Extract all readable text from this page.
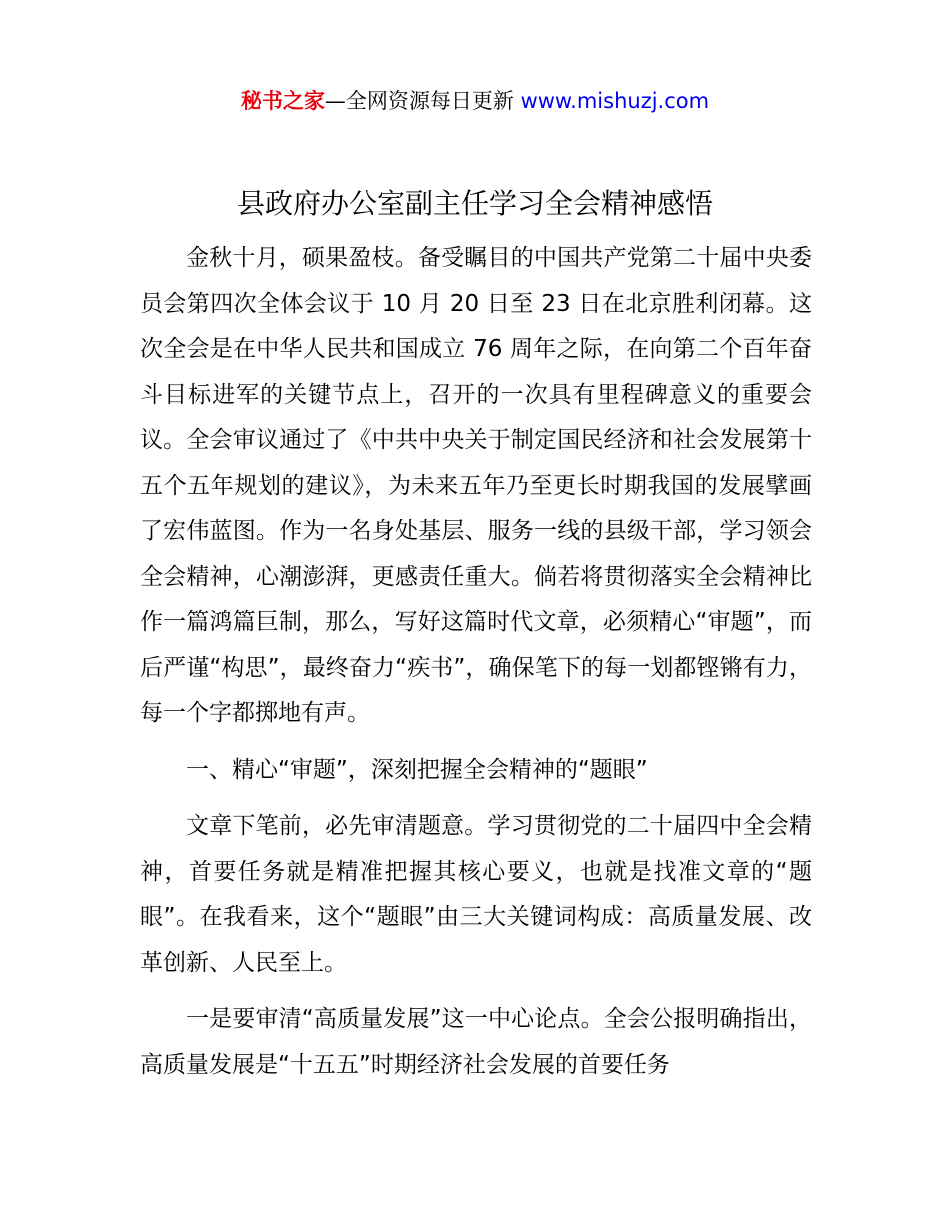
秘书之家—全网资源每日更新 www.mishuzj.com
县政府办公室副主任学习全会精神感悟

金秋十月，硕果盈枝。备受瞩目的中国共产党第二十届中央委员会第四次全体会议于 10 月 20 日至 23 日在北京胜利闭幕。这次全会是在中华人民共和国成立 76 周年之际，在向第二个百年奋斗目标进军的关键节点上，召开的一次具有里程碑意义的重要会议。全会审议通过了《中共中央关于制定国民经济和社会发展第十五个五年规划的建议》，为未来五年乃至更长时期我国的发展擘画了宏伟蓝图。作为一名身处基层、服务一线的县级干部，学习领会全会精神，心潮澎湃，更感责任重大。倘若将贯彻落实全会精神比作一篇鸿篇巨制，那么，写好这篇时代文章，必须精心“审题”，而后严谨“构思”，最终奋力“疾书”，确保笔下的每一划都铿锵有力，每一个字都掷地有声。

一、精心“审题”，深刻把握全会精神的“题眼”

文章下笔前，必先审清题意。学习贯彻党的二十届四中全会精神，首要任务就是精准把握其核心要义，也就是找准文章的“题眼”。在我看来，这个“题眼”由三大关键词构成：高质量发展、改革创新、人民至上。

一是要审清“高质量发展”这一中心论点。全会公报明确指出，高质量发展是“十五五”时期经济社会发展的首要任务
